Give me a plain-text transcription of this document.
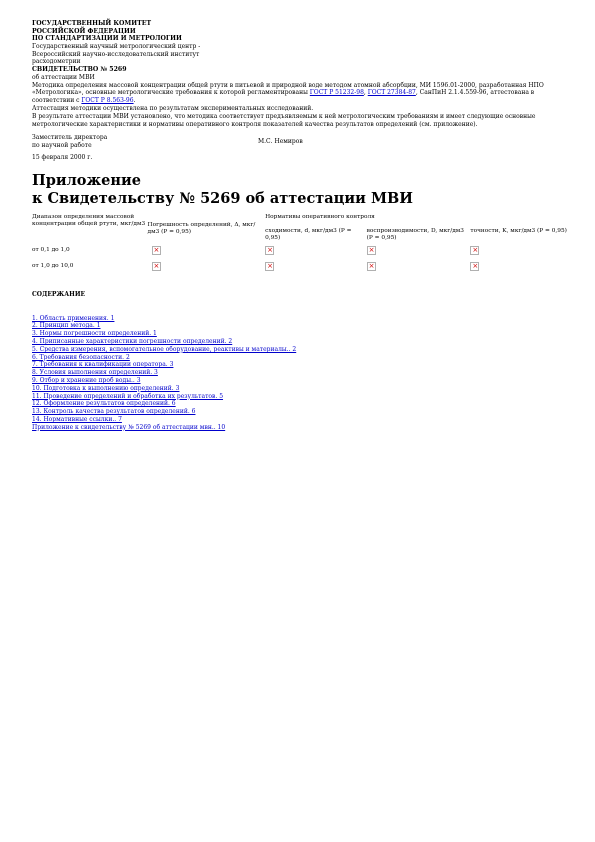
ГОСУДАРСТВЕННЫЙ КОМИТЕТ
РОССИЙСКОЙ ФЕДЕРАЦИИ
ПО СТАНДАРТИЗАЦИИ И МЕТРОЛОГИИ
Государственный научный метрологический центр -
Всероссийский научно-исследовательский институт
расходометрии
СВИДЕТЕЛЬСТВО № 5269
об аттестации МВИ
Методика определения массовой концентрации общей ртути в питьевой и природной воде методом атомной абсорбции, МИ 1596.01-2000, разработанная НПО «Метрологика», основные метрологические требования к которой регламентированы ГОСТ Р 51232-98, ГОСТ 27384-87, СанПиН 2.1.4.559-96, аттестована в соответствии с ГОСТ Р 8.563-96.
Аттестация методики осуществлена по результатам экспериментальных исследований.
В результате аттестации МВИ установлено, что методика соответствует предъявляемым к ней метрологическим требованиям и имеет следующие основные метрологические характеристики и нормативы оперативного контроля показателей качества результатов определений (см. приложение).
Заместитель директора
по научной работе
М.С. Немиров
15 февраля 2000 г.
Приложение
к Свидетельству № 5269 об аттестации МВИ
Диапазон определения массовой концентрации общей ртути, мкг/дм3	Погрешность определений, Δ, мкг/дм3 (P = 0,95)	Нормативы оперативного контроля		
		сходимости, d, мкг/дм3 (P = 0,95)	воспроизводимости, D, мкг/дм3 (P = 0,95)	точности, K, мкг/дм3 (P = 0,95)
от 0,1 до 1,0	×	×	×	×
от 1,0 до 10,0	×	×	×	×
СОДЕРЖАНИЕ
1. Область применения. 1
2. Принцип метода. 1
3. Нормы погрешности определений. 1
4. Приписанные характеристики погрешности определений. 2
5. Средства измерения, вспомогательное оборудование, реактивы и материалы.. 2
6. Требования безопасности. 2
7. Требования к квалификации оператора. 3
8. Условия выполнения определений. 3
9. Отбор и хранение проб воды.. 3
10. Подготовка к выполнению определений. 3
11. Проведение определений и обработка их результатов. 5
12. Оформление результатов определений. 6
13. Контроль качества результатов определений. 6
14. Нормативные ссылки.. 7
Приложение к свидетельству № 5269 об аттестации мвн.. 10
